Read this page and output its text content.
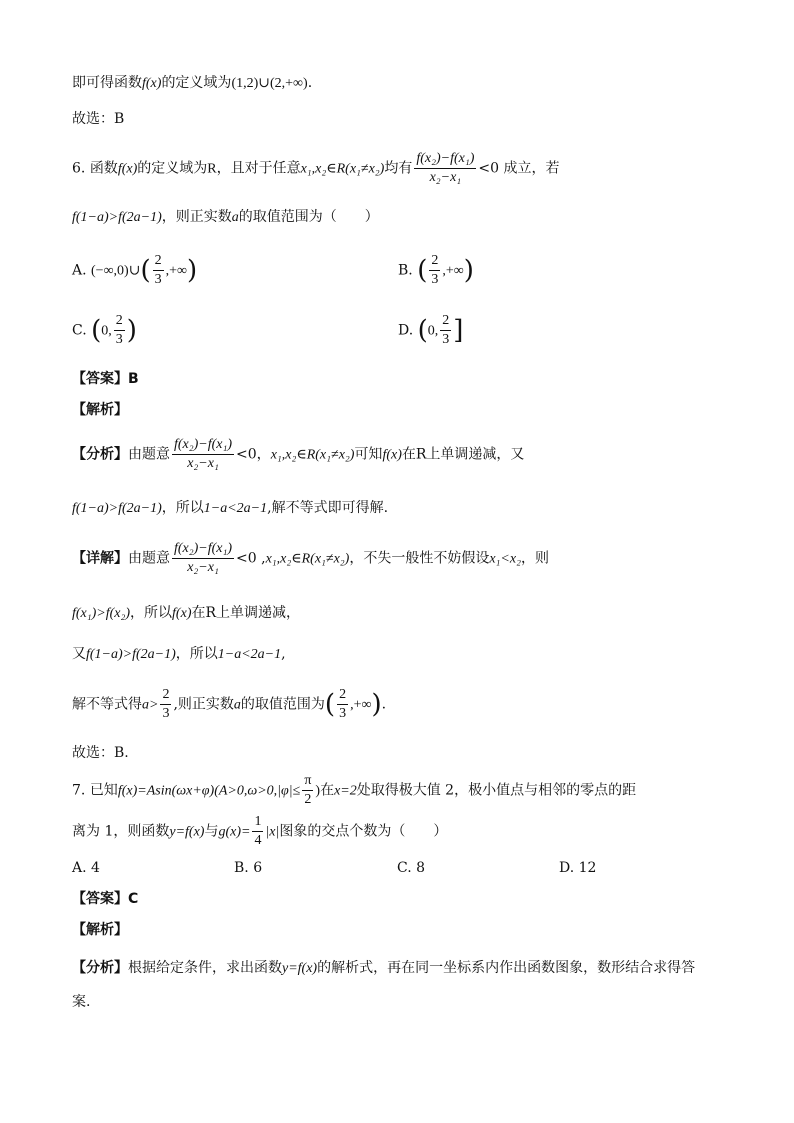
即可得函数f(x)的定义域为(1,2)∪(2,+∞).
故选：B
6. 函数f(x)的定义域为R，且对于任意x₁,x₂∈R(x₁≠x₂)均有 $\frac{\text{f(x₂)−f(x₁)}}{\text{x₂−x₁}} <0$ 成立，若
f(1−a)>f(2a−1)，则正实数a的取值范围为（　　）
A. (−∞,0)∪( $\frac{2}{3}$ ,+∞)	B. ( $\frac{2}{3}$ ,+∞)
C. (0, $\frac{2}{3}$ )	D. (0, $\frac{2}{3}$ ]
【答案】B
【解析】
【分析】由题意 $\frac{\text{f(x₂)−f(x₁)}}{\text{x₂−x₁}} <0$，x₁,x₂∈R(x₁≠x₂)可知f(x)在R上单调递减，又
f(1−a)>f(2a−1)，所以1−a<2a−1,解不等式即可得解.
【详解】由题意 $\frac{\text{f(x₂)−f(x₁)}}{\text{x₂−x₁}} <0$ ,x₁,x₂∈R(x₁≠x₂)，不失一般性不妨假设x₁<x₂，则
f(x₁)>f(x₂)，所以f(x)在R上单调递减，
又f(1−a)>f(2a−1)，所以1−a<2a−1,
解不等式得$a> \frac{2}{3}$ ,则正实数a的取值范围为( $\frac{2}{3}$ ,+∞).
故选：B.
7. 已知$f(x)=Asin(\omega x+\varphi)(A>0,\omega>0,|\varphi|\le \frac{\pi}{2}$ )在x=2处取得极大值 2，极小值点与相邻的零点的距
离为 1，则函数y=f(x)与$g(x)= \frac{1}{4} |x|$图象的交点个数为（　　）
A. 4	B. 6	C. 8	D. 12
【答案】C
【解析】
【分析】根据给定条件，求出函数y=f(x)的解析式，再在同一坐标系内作出函数图象，数形结合求得答
案.
